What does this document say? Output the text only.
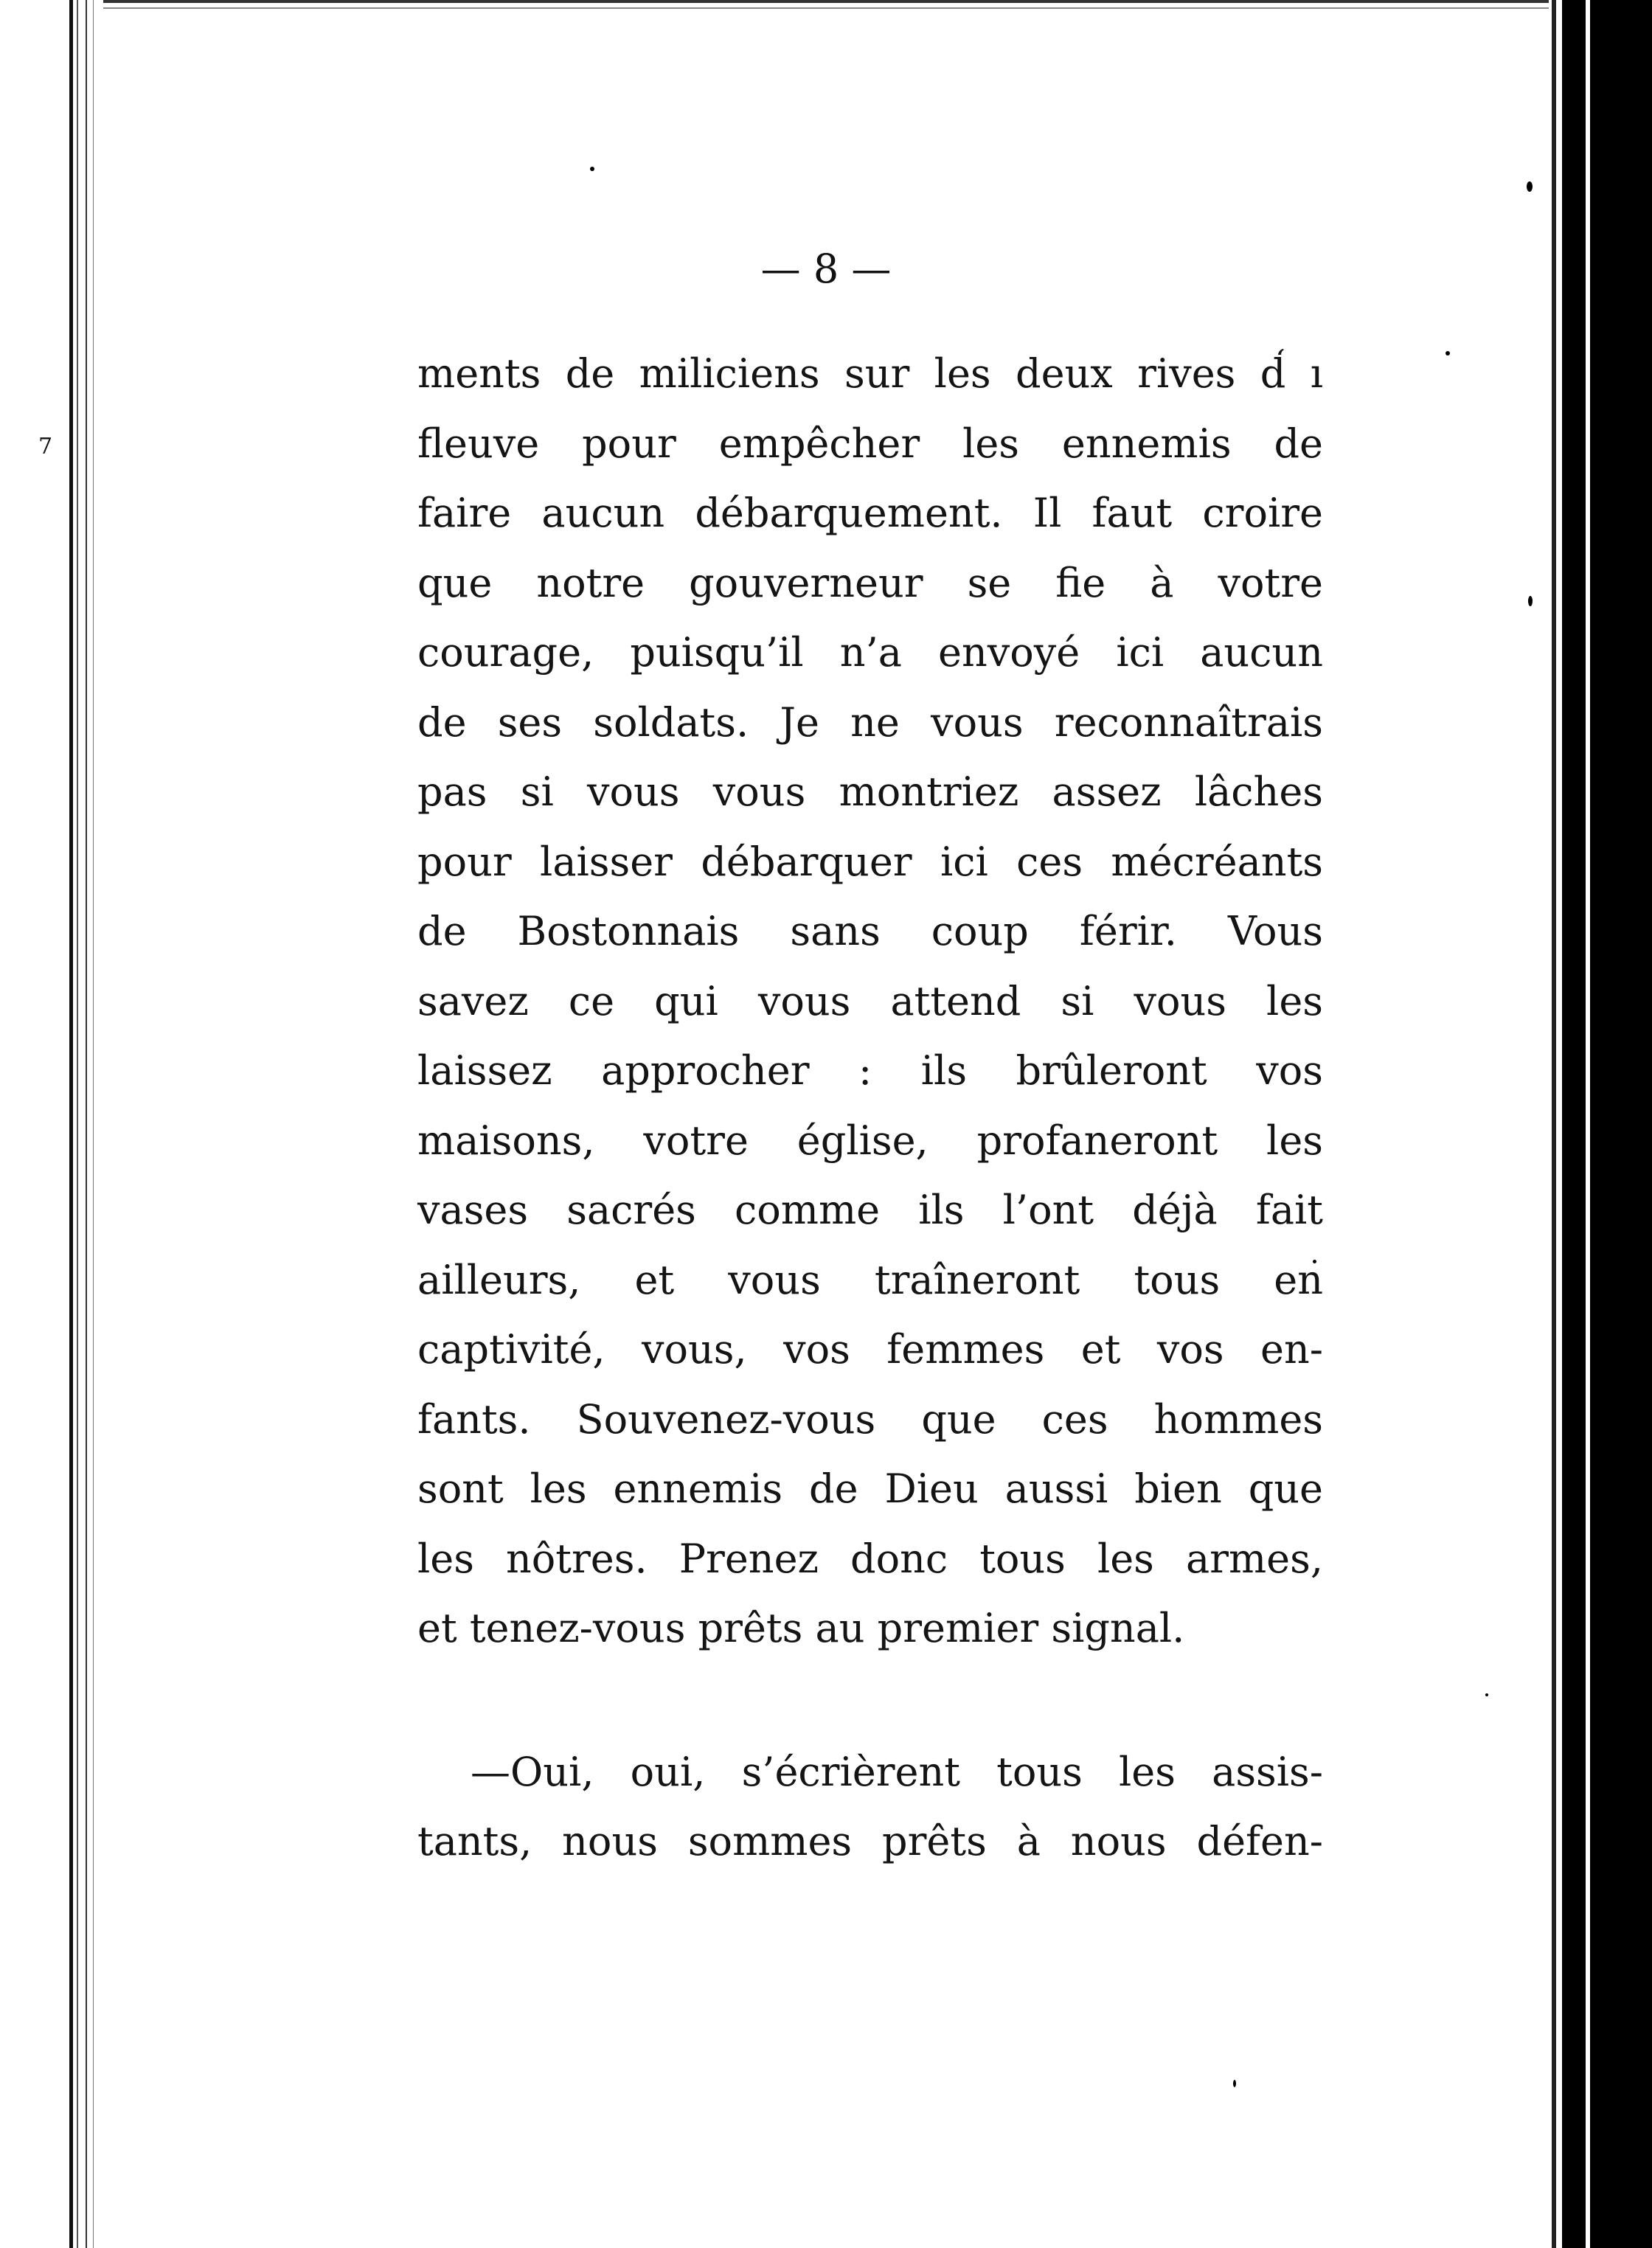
7
— 8 —
ments de miliciens sur les deux rives d̒ ı
fleuve pour empêcher les ennemis de
faire aucun débarquement. Il faut croire
que notre gouverneur se fie à votre
courage, puisqu’il n’a envoyé ici aucun
de ses soldats. Je ne vous reconnaîtrais
pas si vous vous montriez assez lâches
pour laisser débarquer ici ces mécréants
de Bostonnais sans coup férir. Vous
savez ce qui vous attend si vous les
laissez approcher : ils brûleront vos
maisons, votre église, profaneront les
vases sacrés comme ils l’ont déjà fait
ailleurs, et vous traîneront tous en
captivité, vous, vos femmes et vos en-
fants. Souvenez-vous que ces hommes
sont les ennemis de Dieu aussi bien que
les nôtres. Prenez donc tous les armes,
et tenez-vous prêts au premier signal.
—Oui, oui, s’écrièrent tous les assis-
tants, nous sommes prêts à nous défen-
